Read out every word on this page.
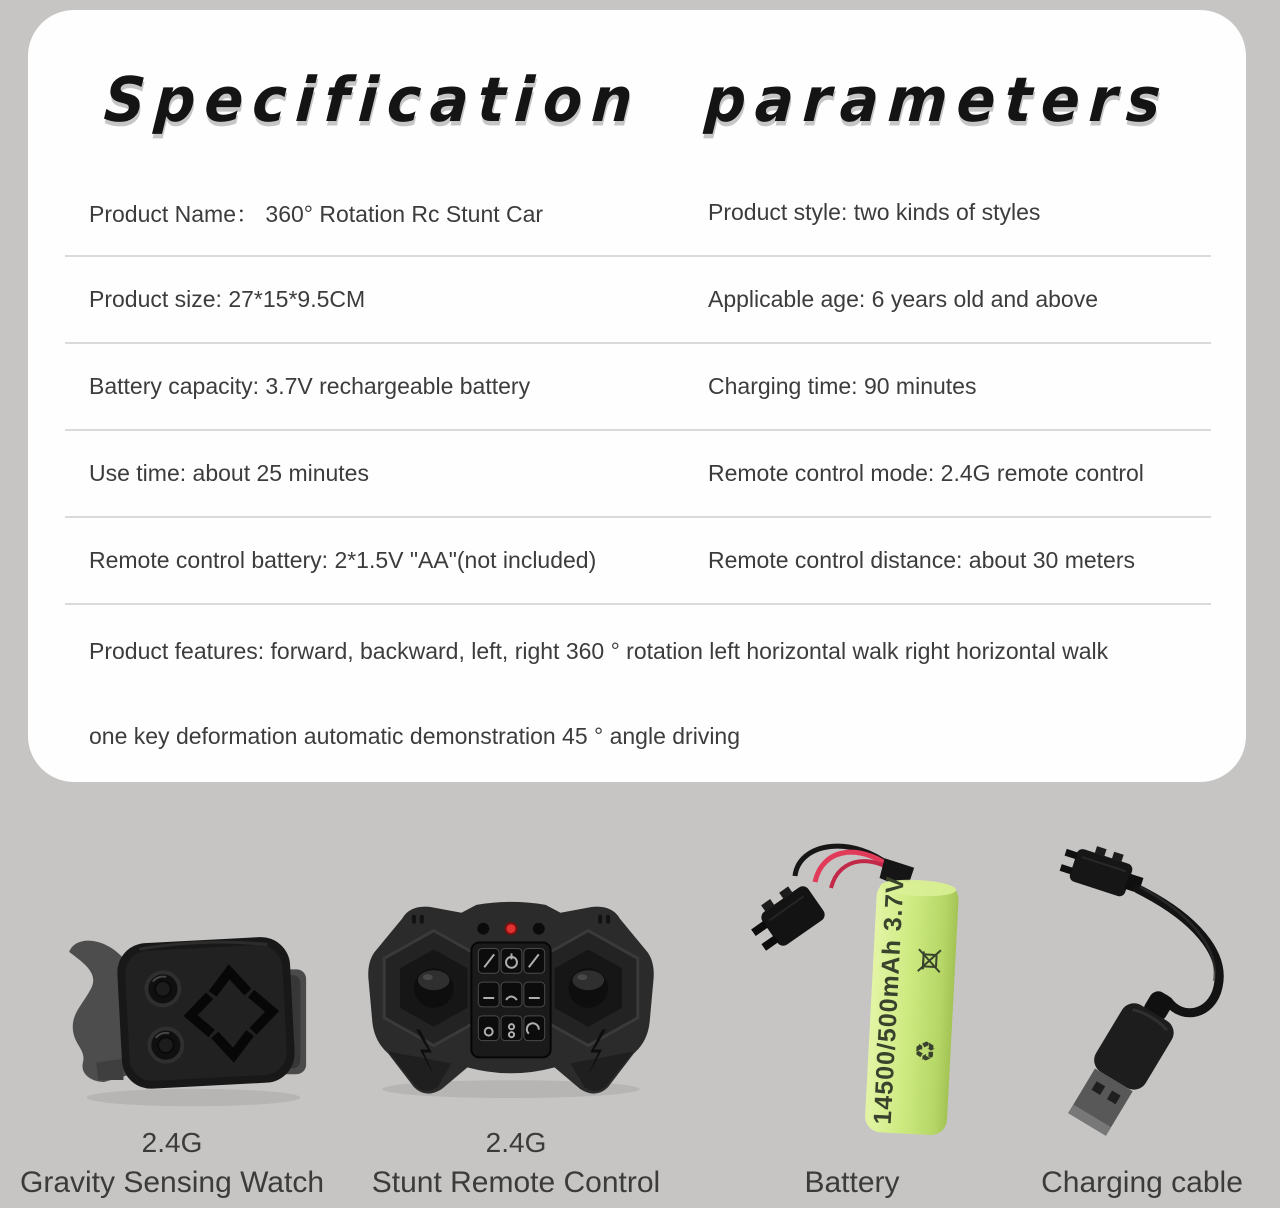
Specification parameters
Product Name： 360° Rotation Rc Stunt Car	Product style: two kinds of styles
Product size: 27*15*9.5CM	Applicable age: 6 years old and above
Battery capacity: 3.7V rechargeable battery	Charging time: 90 minutes
Use time: about 25 minutes	Remote control mode: 2.4G remote control
Remote control battery: 2*1.5V "AA"(not included)	Remote control distance: about 30 meters
Product features: forward, backward, left, right 360 ° rotation left horizontal walk right horizontal walk
one key deformation automatic demonstration 45 ° angle driving
14500/500mAh 3.7V ♻
2.4G
Gravity Sensing Watch
2.4G
Stunt Remote Control	Battery	Charging cable
